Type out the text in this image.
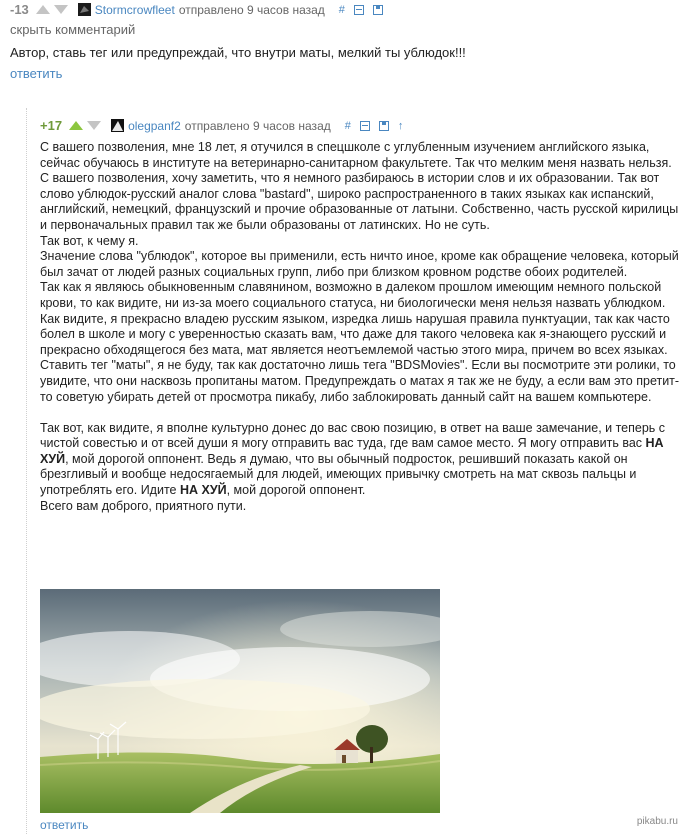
-13	Stormcrowfleet отправлено 9 часов назад #
скрыть комментарий
Автор, ставь тег или предупреждай, что внутри маты, мелкий ты ублюдок!!!
ответить
+17	olegpanf2 отправлено 9 часов назад #	↑
С вашего позволения, мне 18 лет, я отучился в спецшколе с углубленным изучением английского языка, сейчас обучаюсь в институте на ветеринарно-санитарном факультете. Так что мелким меня назвать нельзя.
С вашего позволения, хочу заметить, что я немного разбираюсь в истории слов и их образовании. Так вот слово ублюдок-русский аналог слова "bastard", широко распространенного в таких языках как испанский, английский, немецкий, французский и прочие образованные от латыни. Собственно, часть русской кирилицы и первоначальных правил так же были образованы от латинских. Но не суть.
Так вот, к чему я.
Значение слова "ублюдок", которое вы применили, есть ничто иное, кроме как обращение человека, который был зачат от людей разных социальных групп, либо при близком кровном родстве обоих родителей.
Так как я являюсь обыкновенным славянином, возможно в далеком прошлом имеющим немного польской крови, то как видите, ни из-за моего социального статуса, ни биологически меня нельзя назвать ублюдком.
Как видите, я прекрасно владею русским языком, изредка лишь нарушая правила пунктуации, так как часто болел в школе и могу с уверенностью сказать вам, что даже для такого человека как я-знающего русский и прекрасно обходящегося без мата, мат является неотъемлемой частью этого мира, причем во всех языках.
Ставить тег "маты", я не буду, так как достаточно лишь тега "BDSMovies". Если вы посмотрите эти ролики, то увидите, что они насквозь пропитаны матом. Предупреждать о матах я так же не буду, а если вам это претит-то советую убирать детей от просмотра пикабу, либо заблокировать данный сайт на вашем компьютере.

Так вот, как видите, я вполне культурно донес до вас свою позицию, в ответ на ваше замечание, и теперь с чистой совестью и от всей души я могу отправить вас туда, где вам самое место. Я могу отправить вас НА ХУЙ, мой дорогой оппонент. Ведь я думаю, что вы обычный подросток, решивший показать какой он брезгливый и вообще недосягаемый для людей, имеющих привычку смотреть на мат сквозь пальцы и употреблять его. Идите НА ХУЙ, мой дорогой оппонент.
Всего вам доброго, приятного пути.
ответить	pikabu.ru
